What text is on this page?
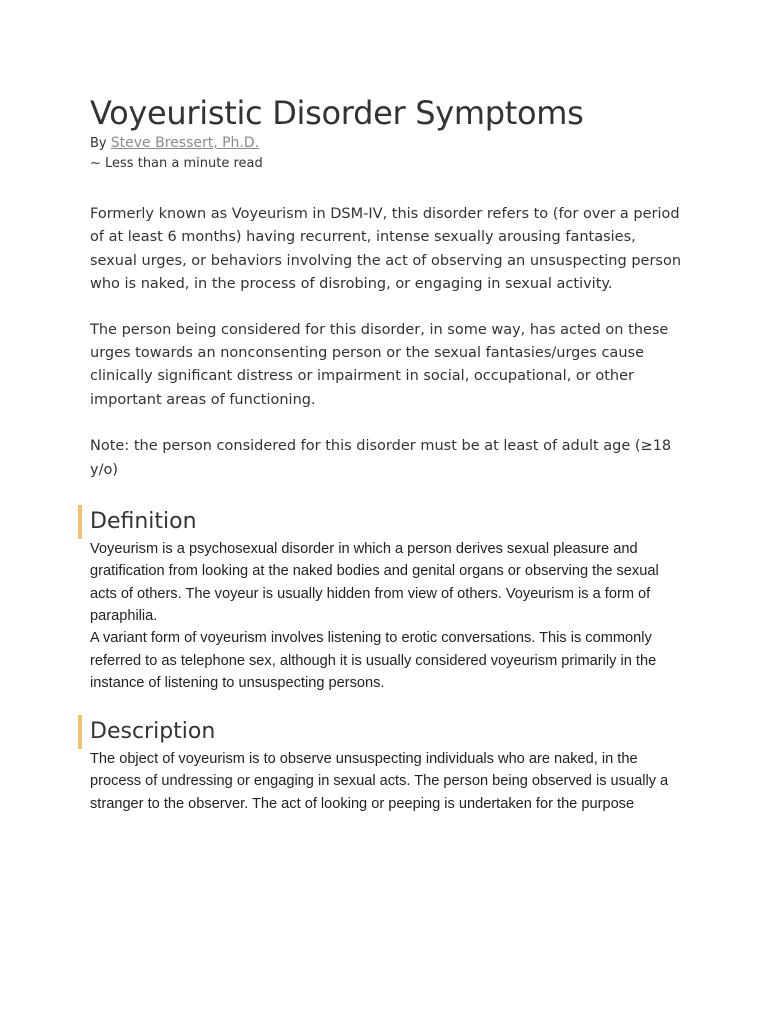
Voyeuristic Disorder Symptoms
By Steve Bressert, Ph.D.
~ Less than a minute read

Formerly known as Voyeurism in DSM-IV, this disorder refers to (for over a period of at least 6 months) having recurrent, intense sexually arousing fantasies, sexual urges, or behaviors involving the act of observing an unsuspecting person who is naked, in the process of disrobing, or engaging in sexual activity.

The person being considered for this disorder, in some way, has acted on these urges towards an nonconsenting person or the sexual fantasies/urges cause clinically significant distress or impairment in social, occupational, or other important areas of functioning.

Note: the person considered for this disorder must be at least of adult age (≥18 y/o)

Definition

Voyeurism is a psychosexual disorder in which a person derives sexual pleasure and gratification from looking at the naked bodies and genital organs or observing the sexual acts of others. The voyeur is usually hidden from view of others. Voyeurism is a form of paraphilia.

A variant form of voyeurism involves listening to erotic conversations. This is commonly referred to as telephone sex, although it is usually considered voyeurism primarily in the instance of listening to unsuspecting persons.

Description

The object of voyeurism is to observe unsuspecting individuals who are naked, in the process of undressing or engaging in sexual acts. The person being observed is usually a stranger to the observer. The act of looking or peeping is undertaken for the purpose
